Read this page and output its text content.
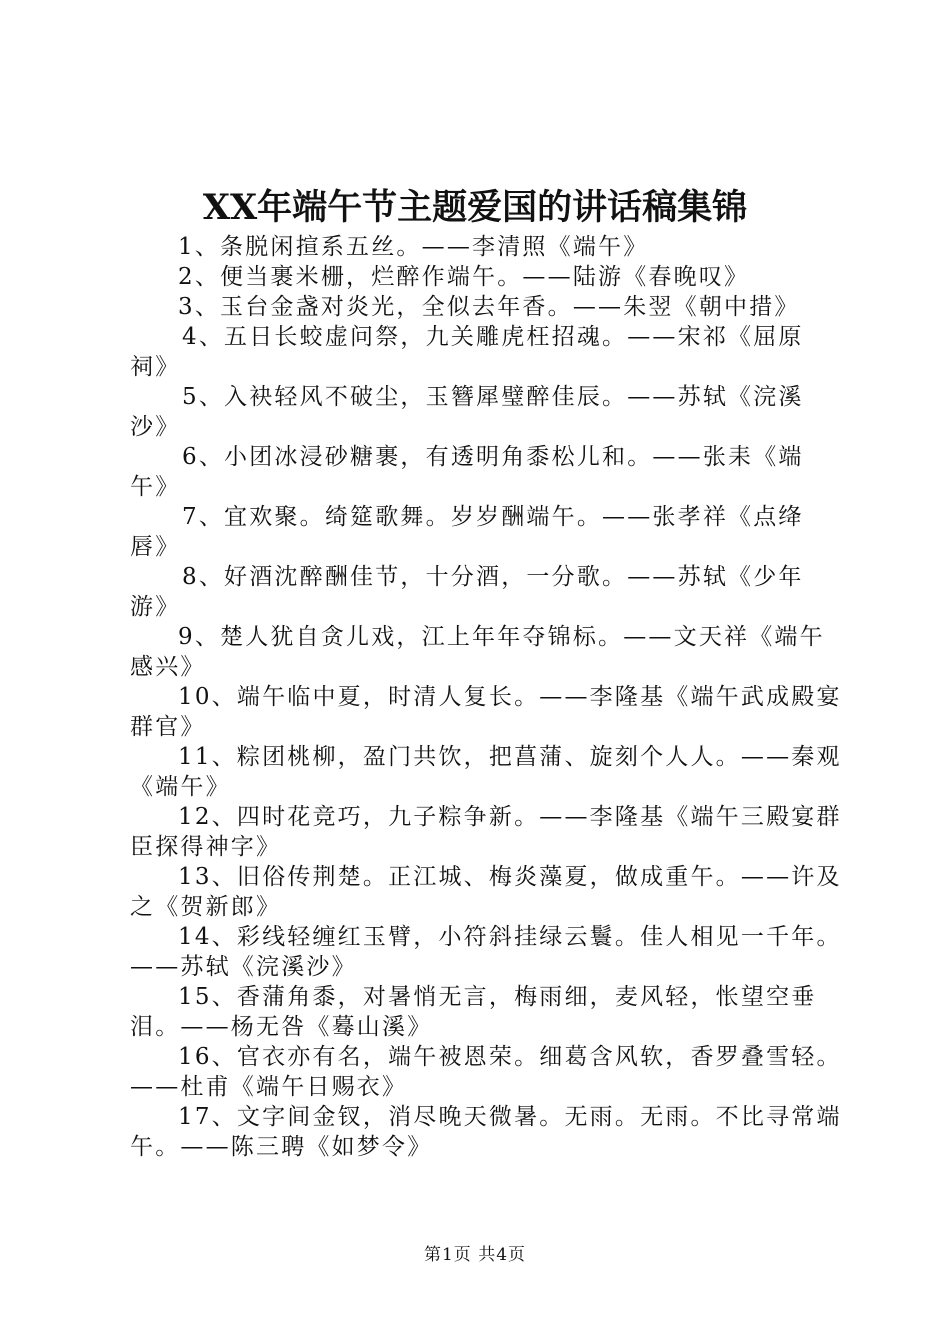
XX年端午节主题爱国的讲话稿集锦

1、条脱闲揎系五丝。——李清照《端午》

2、便当裹米栅，烂醉作端午。——陆游《春晚叹》

3、玉台金盏对炎光，全似去年香。——朱翌《朝中措》

4、五日长蛟虚问祭，九关雕虎枉招魂。——宋祁《屈原祠》

5、入袂轻风不破尘，玉簪犀璧醉佳辰。——苏轼《浣溪沙》

6、小团冰浸砂糖裹，有透明角黍松儿和。——张耒《端午》

7、宜欢聚。绮筵歌舞。岁岁酬端午。——张孝祥《点绛唇》

8、好酒沈醉酬佳节，十分酒，一分歌。——苏轼《少年游》

9、楚人犹自贪儿戏，江上年年夺锦标。——文天祥《端午感兴》

10、端午临中夏，时清人复长。——李隆基《端午武成殿宴群官》

11、粽团桃柳，盈门共饮，把菖蒲、旋刻个人人。——秦观《端午》

12、四时花竞巧，九子粽争新。——李隆基《端午三殿宴群臣探得神字》

13、旧俗传荆楚。正江城、梅炎藻夏，做成重午。——许及之《贺新郎》

14、彩线轻缠红玉臂，小符斜挂绿云鬟。佳人相见一千年。——苏轼《浣溪沙》

15、香蒲角黍，对暑悄无言，梅雨细，麦风轻，怅望空垂泪。——杨无咎《蓦山溪》

16、官衣亦有名，端午被恩荣。细葛含风软，香罗叠雪轻。——杜甫《端午日赐衣》

17、文字间金钗，消尽晚天微暑。无雨。无雨。不比寻常端午。——陈三聘《如梦令》

第1页 共4页
